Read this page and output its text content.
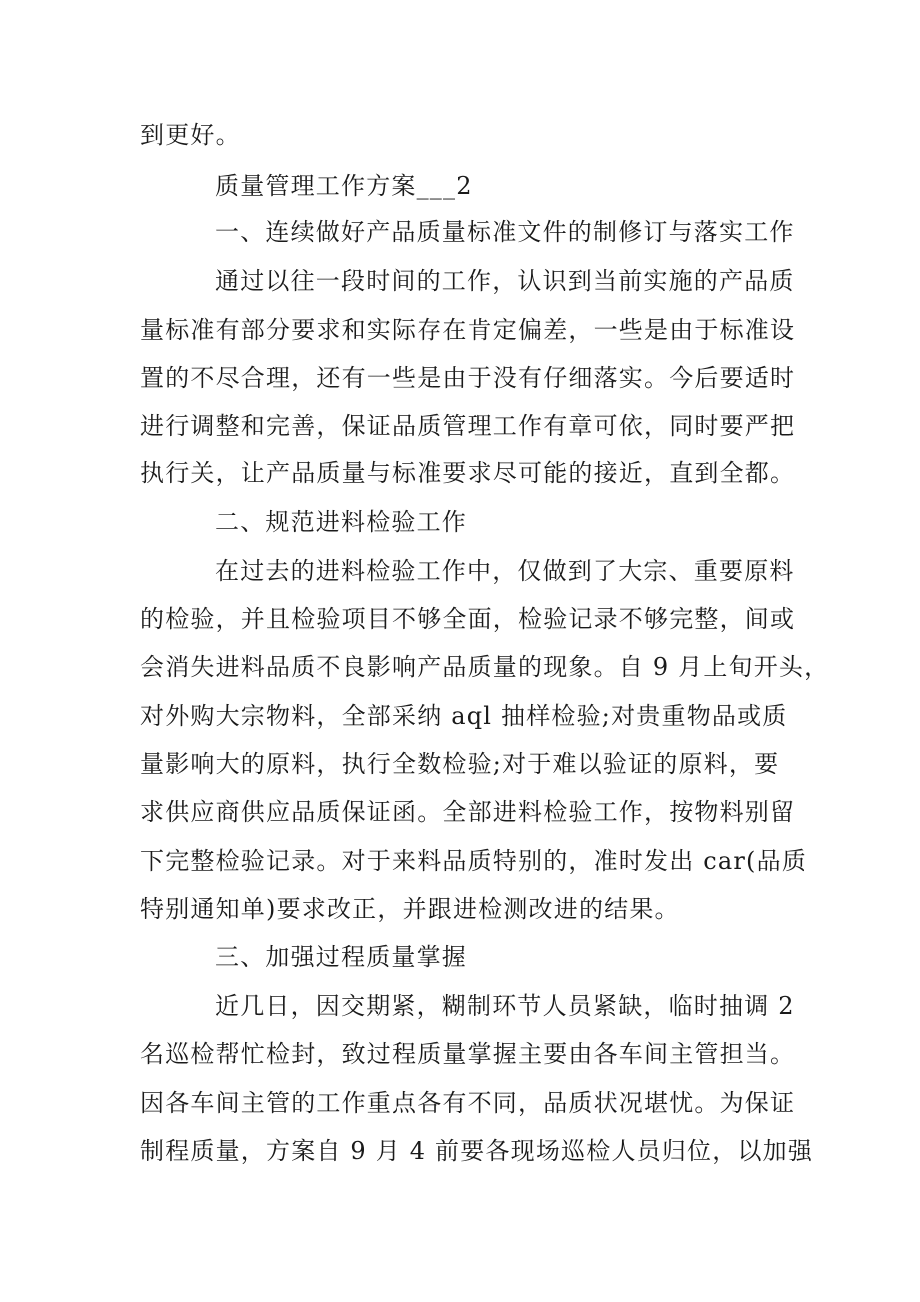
到更好。
质量管理工作方案___2
一、连续做好产品质量标准文件的制修订与落实工作
通过以往一段时间的工作，认识到当前实施的产品质
量标准有部分要求和实际存在肯定偏差，一些是由于标准设
置的不尽合理，还有一些是由于没有仔细落实。今后要适时
进行调整和完善，保证品质管理工作有章可依，同时要严把
执行关，让产品质量与标准要求尽可能的接近，直到全都。
二、规范进料检验工作
在过去的进料检验工作中，仅做到了大宗、重要原料
的检验，并且检验项目不够全面，检验记录不够完整，间或
会消失进料品质不良影响产品质量的现象。自 9 月上旬开头，
对外购大宗物料，全部采纳 aql 抽样检验;对贵重物品或质
量影响大的原料，执行全数检验;对于难以验证的原料，要
求供应商供应品质保证函。全部进料检验工作，按物料别留
下完整检验记录。对于来料品质特别的，准时发出 car(品质
特别通知单)要求改正，并跟进检测改进的结果。
三、加强过程质量掌握
近几日，因交期紧，糊制环节人员紧缺，临时抽调 2
名巡检帮忙检封，致过程质量掌握主要由各车间主管担当。
因各车间主管的工作重点各有不同，品质状况堪忧。为保证
制程质量，方案自 9 月 4 前要各现场巡检人员归位，以加强
